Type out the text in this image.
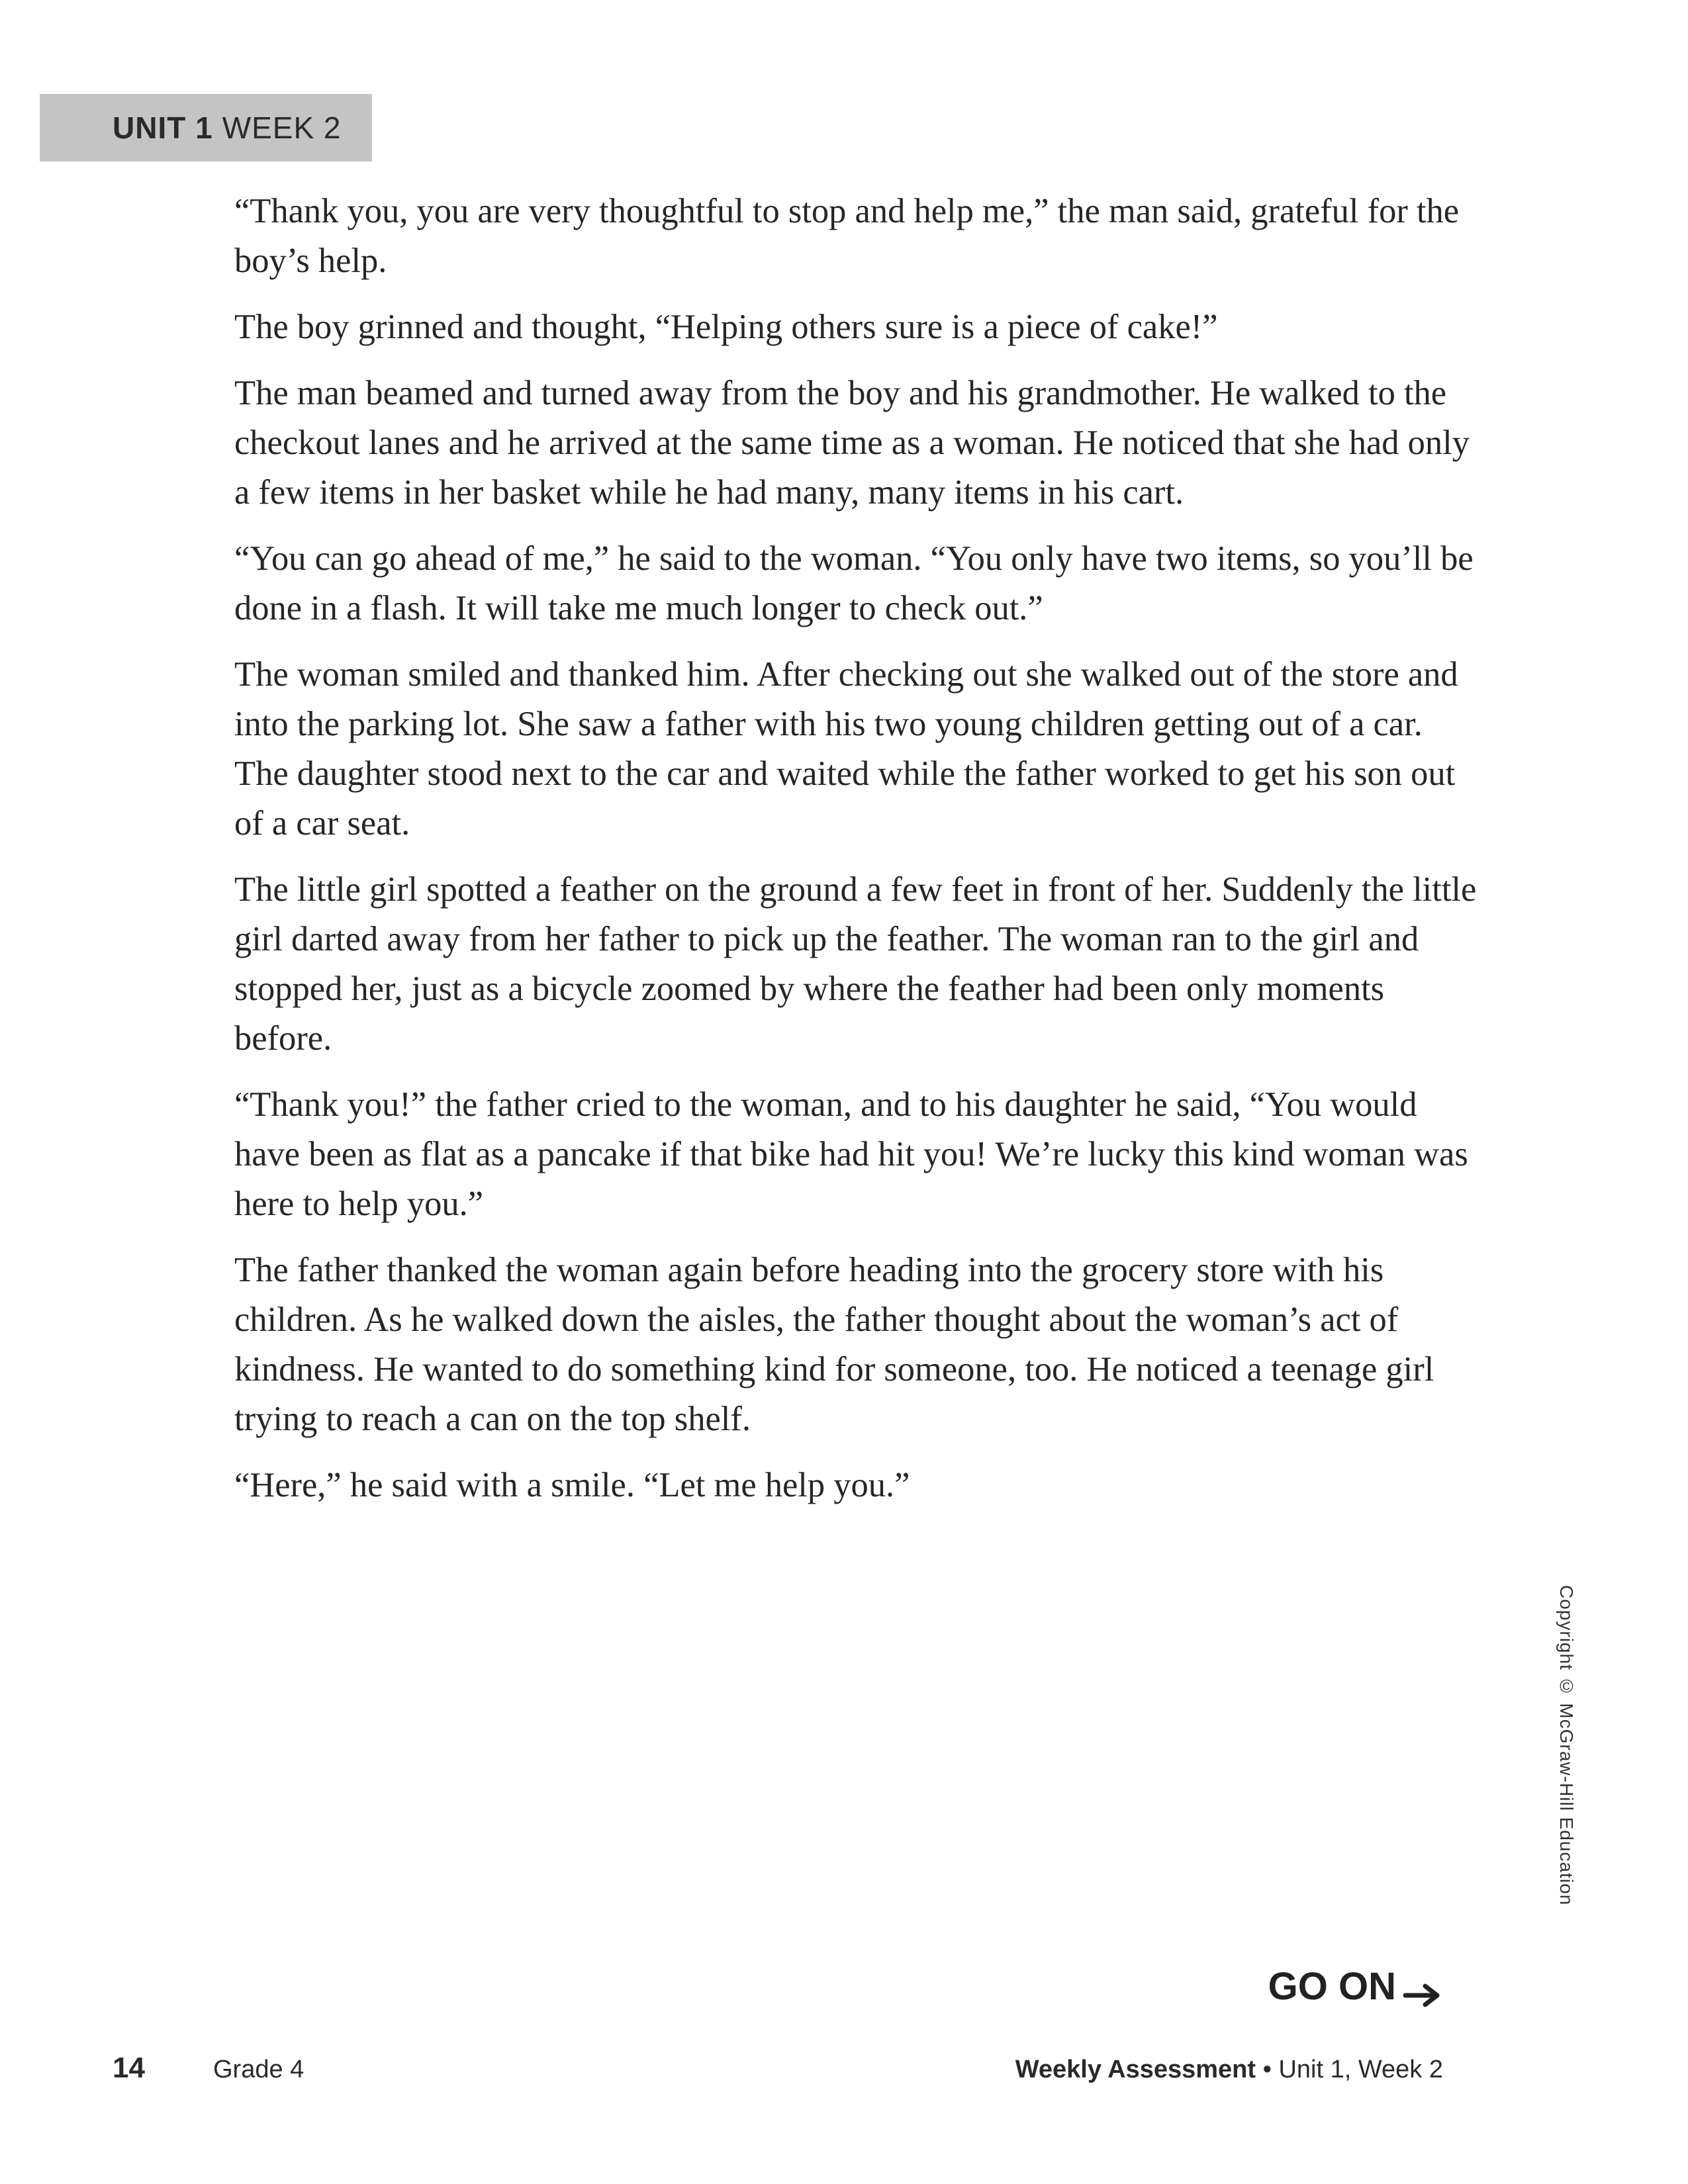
UNIT 1 WEEK 2

“Thank you, you are very thoughtful to stop and help me,” the man said, grateful for the boy’s help.

The boy grinned and thought, “Helping others sure is a piece of cake!”

The man beamed and turned away from the boy and his grandmother. He walked to the checkout lanes and he arrived at the same time as a woman. He noticed that she had only a few items in her basket while he had many, many items in his cart.

“You can go ahead of me,” he said to the woman. “You only have two items, so you’ll be done in a flash. It will take me much longer to check out.”

The woman smiled and thanked him. After checking out she walked out of the store and into the parking lot. She saw a father with his two young children getting out of a car. The daughter stood next to the car and waited while the father worked to get his son out of a car seat.

The little girl spotted a feather on the ground a few feet in front of her. Suddenly the little girl darted away from her father to pick up the feather. The woman ran to the girl and stopped her, just as a bicycle zoomed by where the feather had been only moments before.

“Thank you!” the father cried to the woman, and to his daughter he said, “You would have been as flat as a pancake if that bike had hit you! We’re lucky this kind woman was here to help you.”

The father thanked the woman again before heading into the grocery store with his children. As he walked down the aisles, the father thought about the woman’s act of kindness. He wanted to do something kind for someone, too. He noticed a teenage girl trying to reach a can on the top shelf.

“Here,” he said with a smile. “Let me help you.”

Copyright © McGraw-Hill Education
GO ON
14	Grade 4	Weekly Assessment • Unit 1, Week 2
